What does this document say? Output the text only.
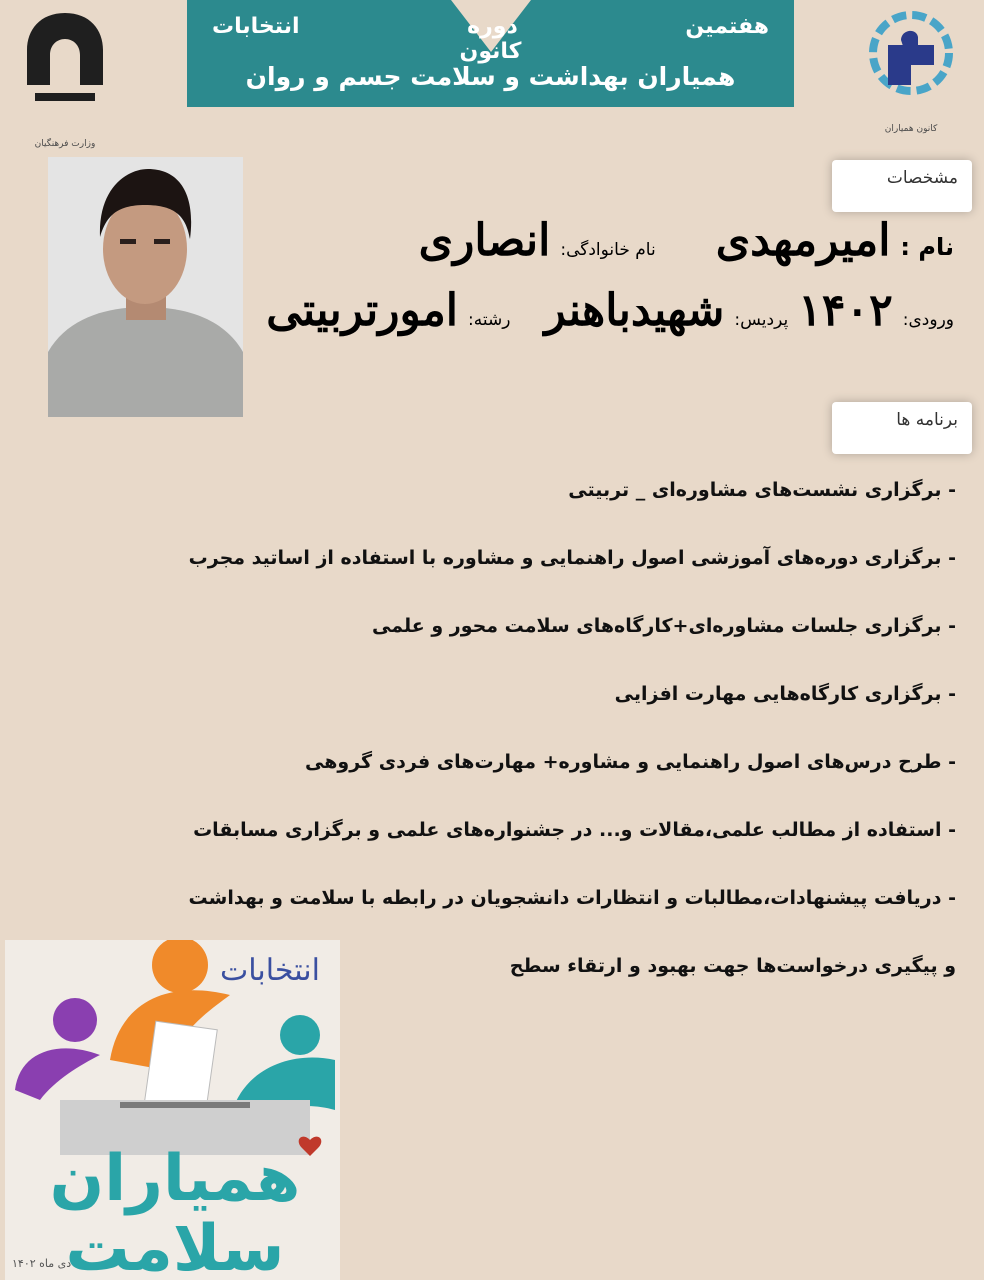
هفتمین دوره انتخابات کانون
همیاران بهداشت و سلامت جسم و روان
وزارت فرهنگیان
کانون همیاران
مشخصات
نام :
امیرمهدی
نام خانوادگی:
انصاری
ورودی:
۱۴۰۲
پردیس:
شهیدباهنر
رشته:
امورتربیتی
برنامه ها
- برگزاری نشست‌های مشاوره‌ای _ تربیتی
- برگزاری دوره‌های آموزشی اصول راهنمایی و مشاوره با استفاده از اساتید مجرب
- برگزاری جلسات مشاوره‌ای+کارگاه‌های سلامت محور و علمی
- برگزاری کارگاه‌هایی مهارت افزایی
- طرح درس‌های اصول راهنمایی و مشاوره+ مهارت‌های فردی گروهی
- استفاده از مطالب علمی،مقالات و... در جشنواره‌های علمی و برگزاری مسابقات
- دریافت پیشنهادات،مطالبات و انتظارات دانشجویان در رابطه با سلامت و بهداشت
و پیگیری درخواست‌ها جهت بهبود و ارتقاء سطح
انتخابات
همیاران
سلامت
دی ماه ۱۴۰۲
